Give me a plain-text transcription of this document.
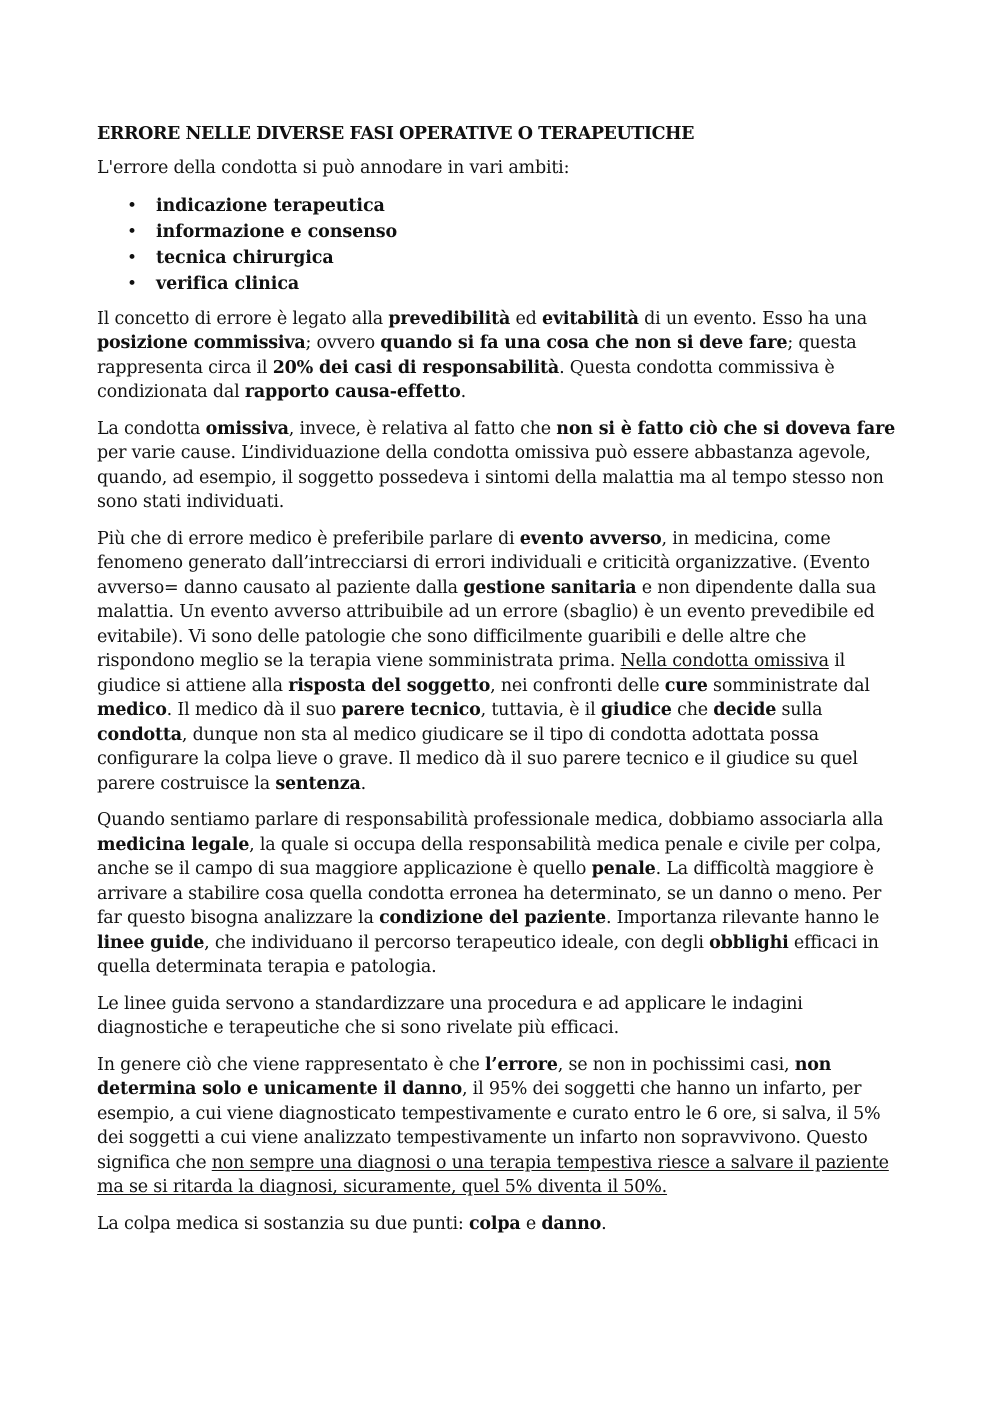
ERRORE NELLE DIVERSE FASI OPERATIVE O TERAPEUTICHE

L'errore della condotta si può annodare in vari ambiti:

• indicazione terapeutica
• informazione e consenso
• tecnica chirurgica
• verifica clinica

Il concetto di errore è legato alla prevedibilità ed evitabilità di un evento. Esso ha una posizione commissiva; ovvero quando si fa una cosa che non si deve fare; questa rappresenta circa il 20% dei casi di responsabilità. Questa condotta commissiva è condizionata dal rapporto causa-effetto.

La condotta omissiva, invece, è relativa al fatto che non si è fatto ciò che si doveva fare per varie cause. L’individuazione della condotta omissiva può essere abbastanza agevole, quando, ad esempio, il soggetto possedeva i sintomi della malattia ma al tempo stesso non sono stati individuati.

Più che di errore medico è preferibile parlare di evento avverso, in medicina, come fenomeno generato dall’intrecciarsi di errori individuali e criticità organizzative. (Evento avverso= danno causato al paziente dalla gestione sanitaria e non dipendente dalla sua malattia. Un evento avverso attribuibile ad un errore (sbaglio) è un evento prevedibile ed evitabile). Vi sono delle patologie che sono difficilmente guaribili e delle altre che rispondono meglio se la terapia viene somministrata prima. Nella condotta omissiva il giudice si attiene alla risposta del soggetto, nei confronti delle cure somministrate dal medico. Il medico dà il suo parere tecnico, tuttavia, è il giudice che decide sulla condotta, dunque non sta al medico giudicare se il tipo di condotta adottata possa configurare la colpa lieve o grave. Il medico dà il suo parere tecnico e il giudice su quel parere costruisce la sentenza.

Quando sentiamo parlare di responsabilità professionale medica, dobbiamo associarla alla medicina legale, la quale si occupa della responsabilità medica penale e civile per colpa, anche se il campo di sua maggiore applicazione è quello penale. La difficoltà maggiore è arrivare a stabilire cosa quella condotta erronea ha determinato, se un danno o meno. Per far questo bisogna analizzare la condizione del paziente. Importanza rilevante hanno le linee guide, che individuano il percorso terapeutico ideale, con degli obblighi efficaci in quella determinata terapia e patologia.

Le linee guida servono a standardizzare una procedura e ad applicare le indagini diagnostiche e terapeutiche che si sono rivelate più efficaci.

In genere ciò che viene rappresentato è che l’errore, se non in pochissimi casi, non determina solo e unicamente il danno, il 95% dei soggetti che hanno un infarto, per esempio, a cui viene diagnosticato tempestivamente e curato entro le 6 ore, si salva, il 5% dei soggetti a cui viene analizzato tempestivamente un infarto non sopravvivono. Questo significa che non sempre una diagnosi o una terapia tempestiva riesce a salvare il paziente ma se si ritarda la diagnosi, sicuramente, quel 5% diventa il 50%.

La colpa medica si sostanzia su due punti: colpa e danno.
